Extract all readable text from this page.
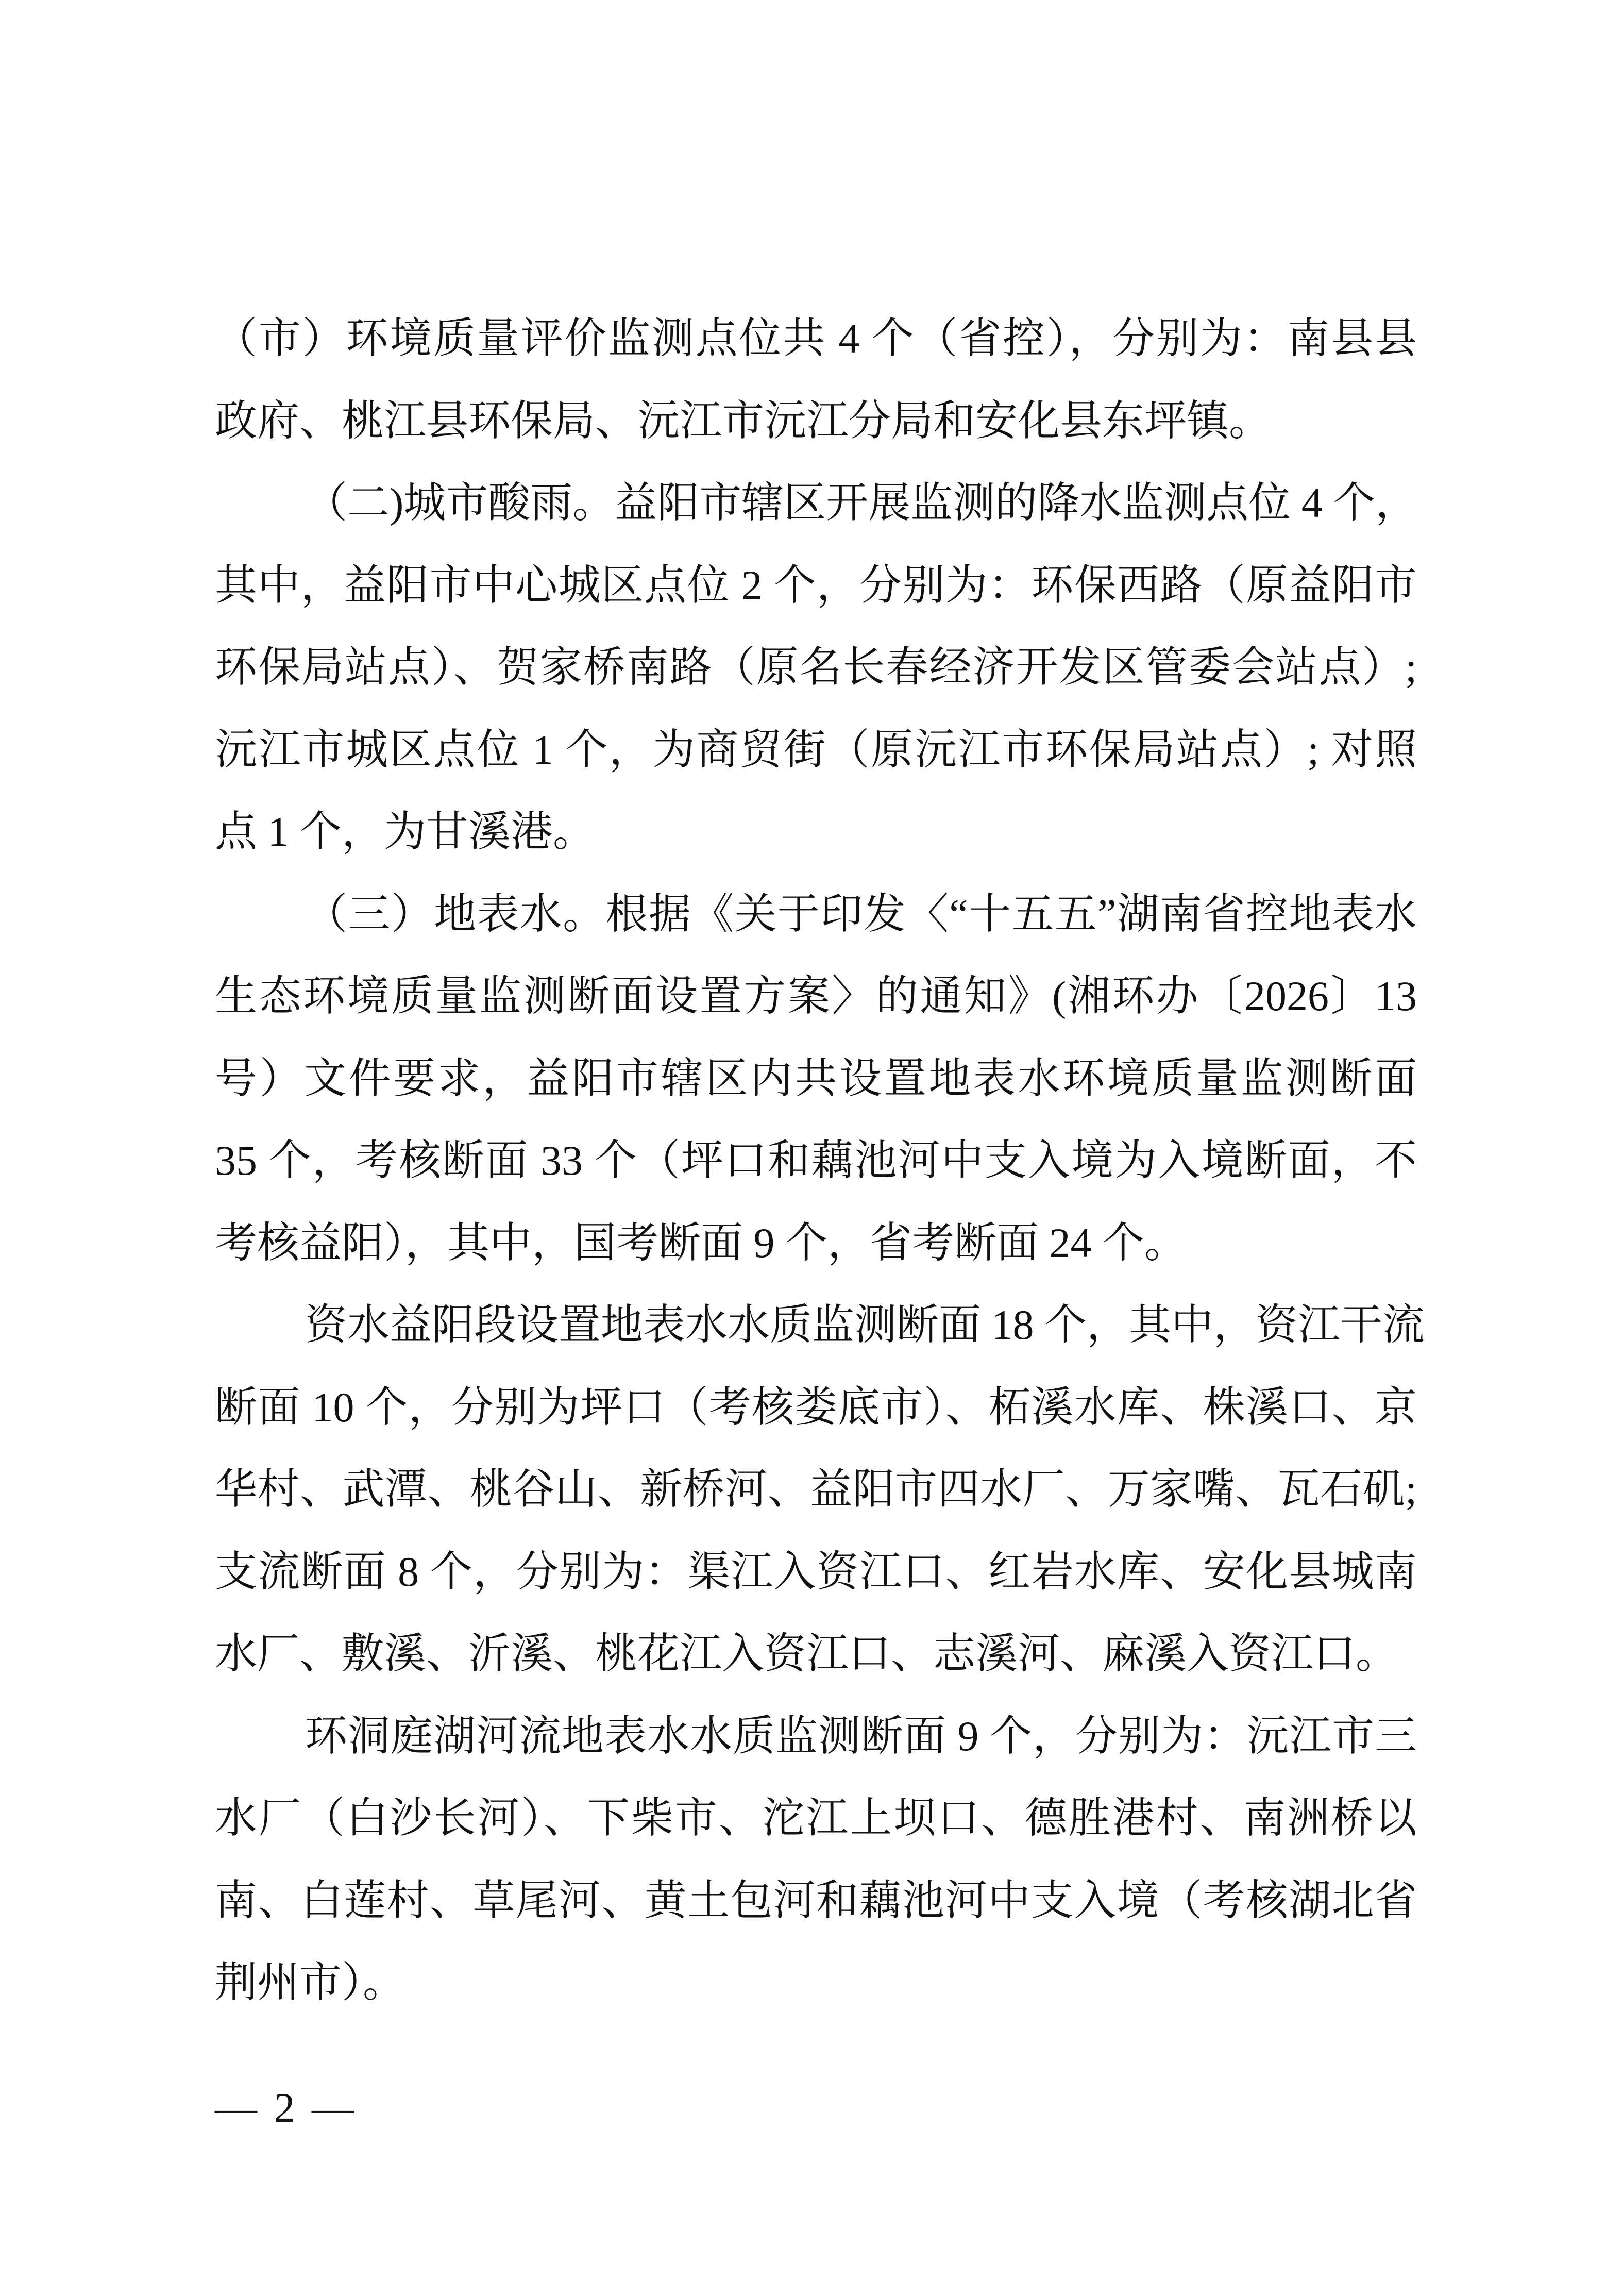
（市）环境质量评价监测点位共 4 个（省控），分别为：南县县
政府、桃江县环保局、沅江市沅江分局和安化县东坪镇。
（二)城市酸雨。益阳市辖区开展监测的降水监测点位 4 个，
其中，益阳市中心城区点位 2 个，分别为：环保西路（原益阳市
环保局站点）、贺家桥南路（原名长春经济开发区管委会站点）;
沅江市城区点位 1 个，为商贸街（原沅江市环保局站点）; 对照
点 1 个，为甘溪港。
（三）地表水。根据《关于印发〈“十五五”湖南省控地表水
生态环境质量监测断面设置方案〉的通知》(湘环办〔2026〕13
号）文件要求，益阳市辖区内共设置地表水环境质量监测断面
35 个，考核断面 33 个（坪口和藕池河中支入境为入境断面，不
考核益阳），其中，国考断面 9 个，省考断面 24 个。
资水益阳段设置地表水水质监测断面 18 个，其中，资江干流
断面 10 个，分别为坪口（考核娄底市）、柘溪水库、株溪口、京
华村、武潭、桃谷山、新桥河、益阳市四水厂、万家嘴、瓦石矶;
支流断面 8 个，分别为：渠江入资江口、红岩水库、安化县城南
水厂、敷溪、沂溪、桃花江入资江口、志溪河、麻溪入资江口。
环洞庭湖河流地表水水质监测断面 9 个，分别为：沅江市三
水厂（白沙长河）、下柴市、沱江上坝口、德胜港村、南洲桥以
南、白莲村、草尾河、黄土包河和藕池河中支入境（考核湖北省
荆州市）。
— 2 —
